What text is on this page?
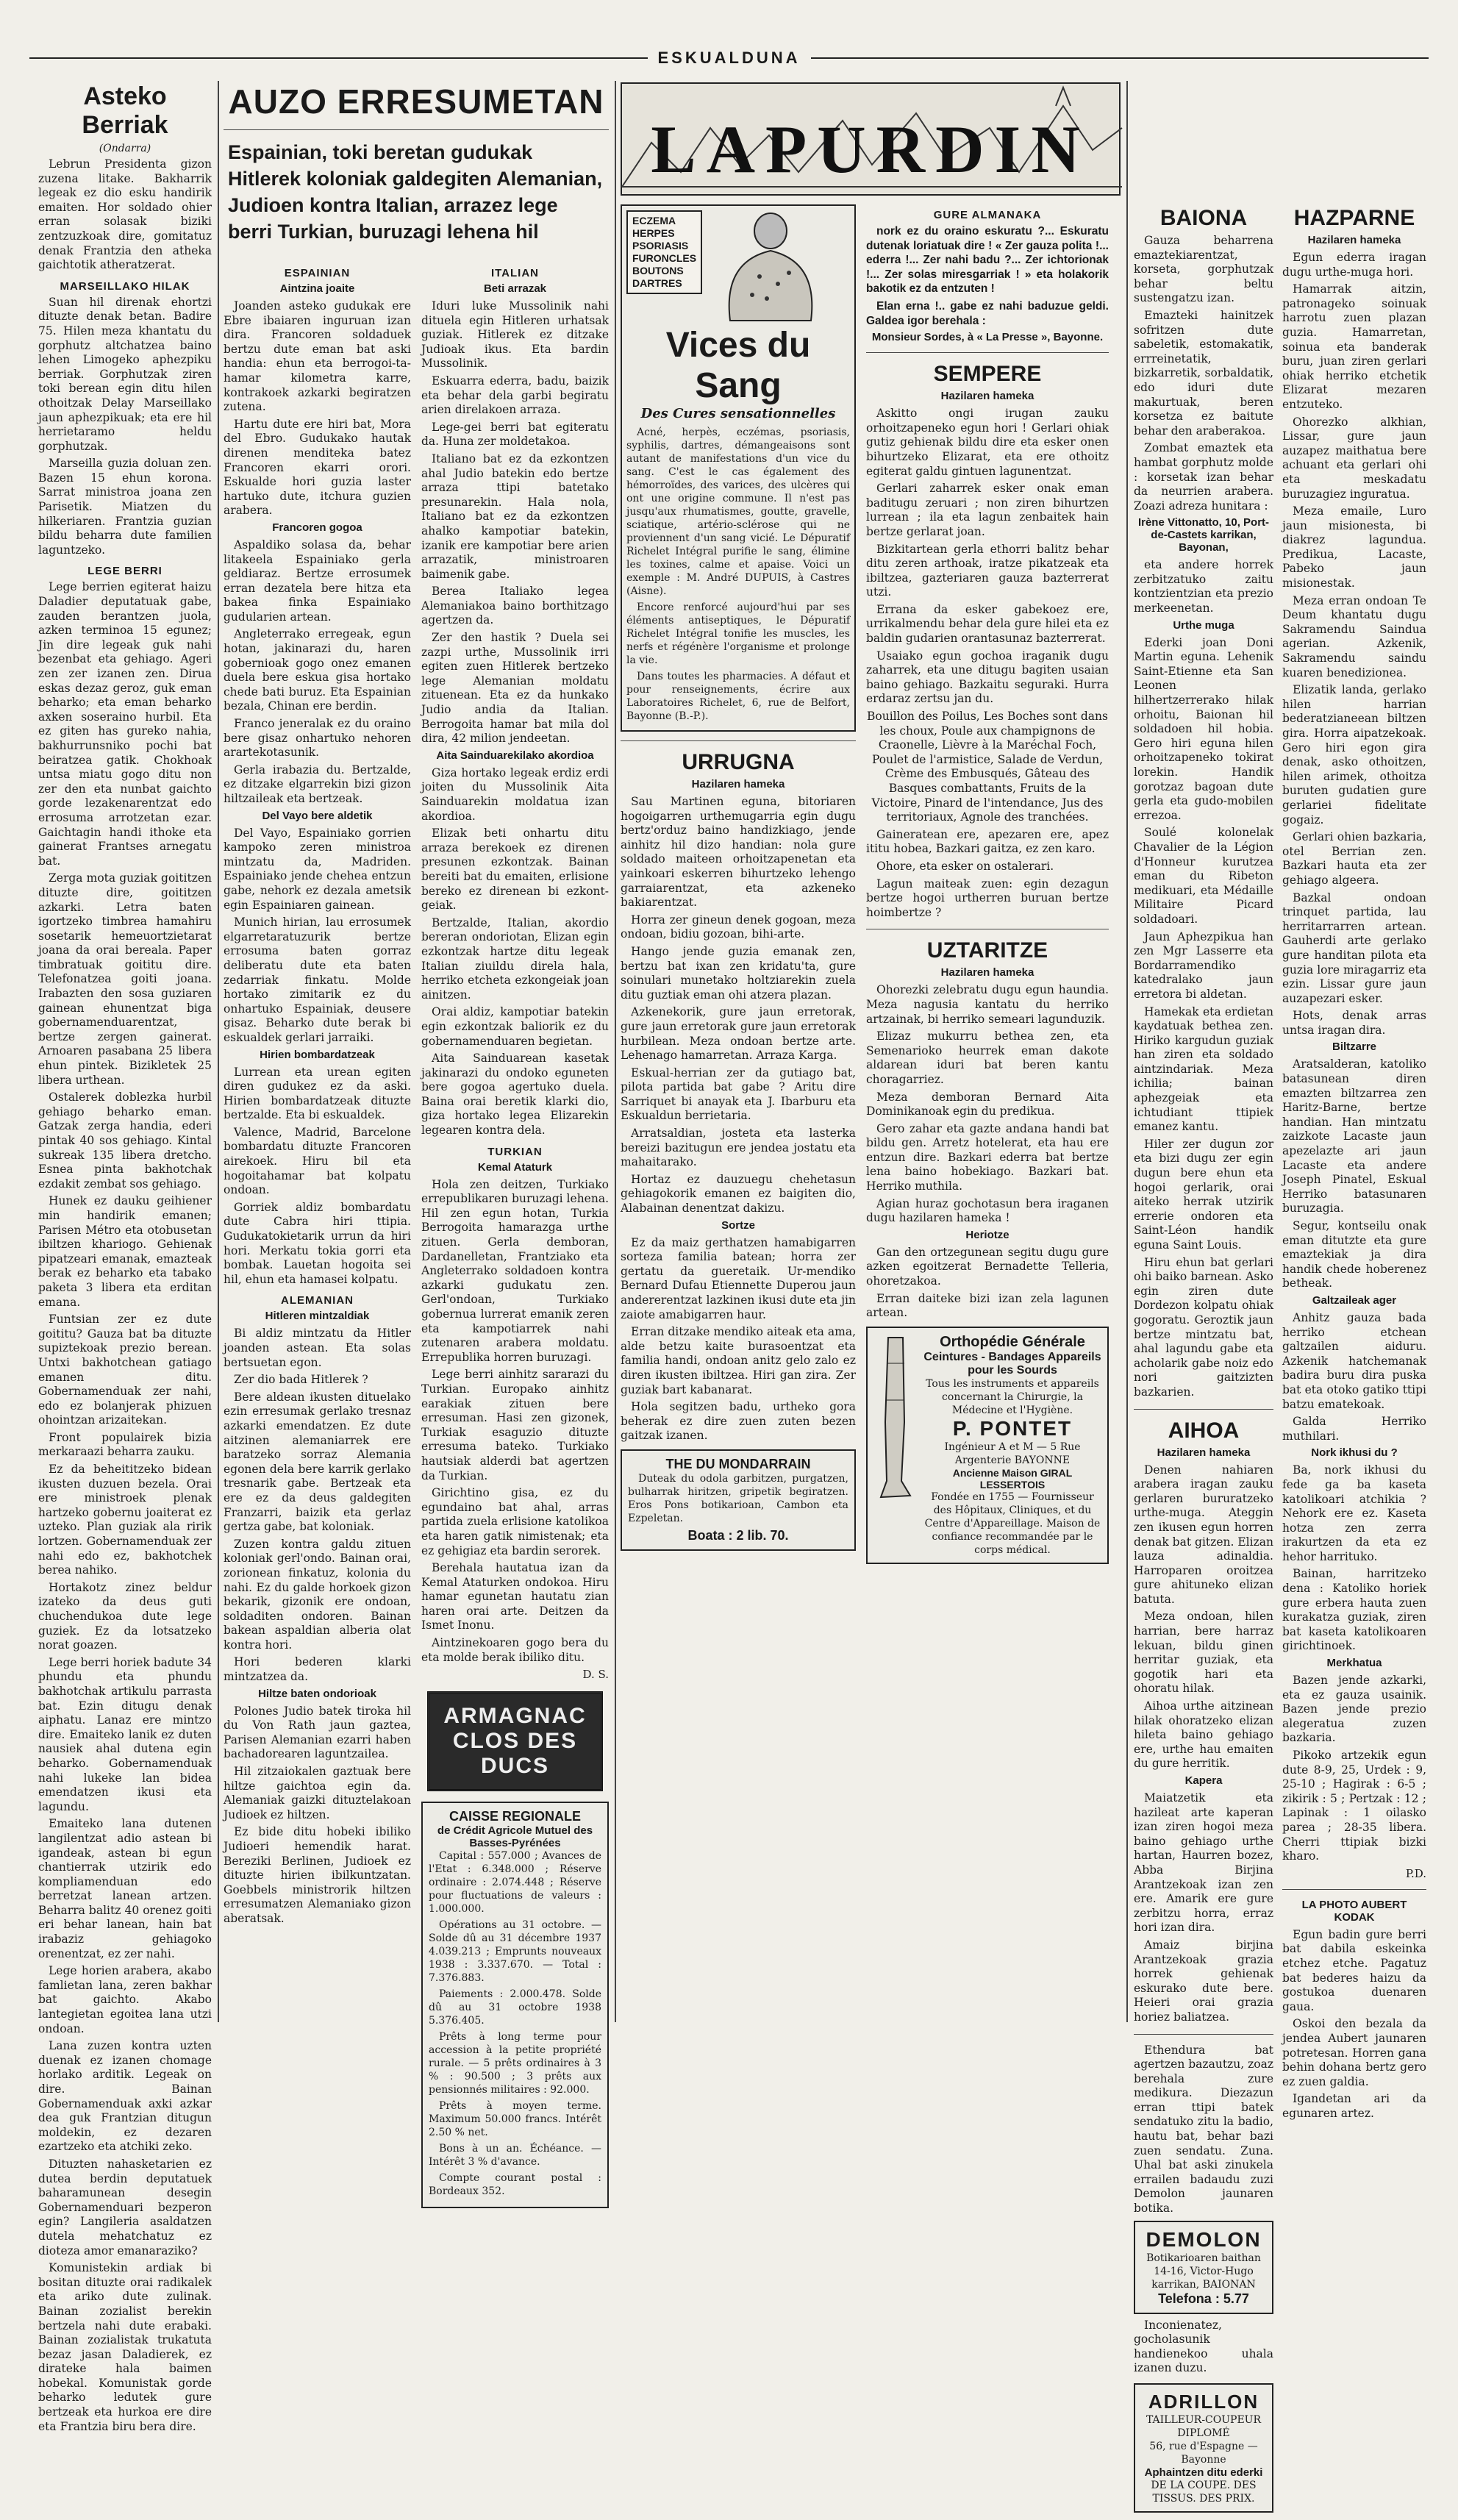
ESKUALDUNA
Asteko Berriak
(Ondarra)

Lebrun Presidenta gizon zuzena litake. Bakharrik legeak ez dio esku handirik emaiten. Hor soldado ohier erran solasak biziki zentzuzkoak dire, gomitatuz denak Frantzia den atheka gaichtotik atheratzerat.

MARSEILLAKO HILAK

Suan hil direnak ehortzi dituzte denak betan. Badire 75. Hilen meza khantatu du gorphutz altchatzea baino lehen Limogeko aphezpiku berriak. Gorphutzak ziren toki berean egin ditu hilen othoitzak Delay Marseillako jaun aphezpikuak; eta ere hil herrietaramo heldu gorphutzak.

Marseilla guzia doluan zen. Bazen 15 ehun korona. Sarrat ministroa joana zen Parisetik. Miatzen du hilkeriaren. Frantzia guzian bildu beharra dute familien laguntzeko.

LEGE BERRI

Lege berrien egiterat haizu Daladier deputatuak gabe, zauden berantzen juola, azken terminoa 15 egunez; Jin dire legeak guk nahi bezenbat eta gehiago. Ageri zen zer izanen zen. Dirua eskas dezaz geroz, guk eman beharko; eta eman beharko axken soseraino hurbil. Eta ez giten has gureko nahia, bakhurrunsniko pochi bat beiratzea gatik. Chokhoak untsa miatu gogo ditu non zer den eta nunbat gaichto gorde lezakenarentzat edo errosuma arrotzetan ezar. Gaichtagin handi ithoke eta gainerat Frantses arnegatu bat.

Zerga mota guziak goititzen dituzte dire, goititzen azkarki. Letra baten igortzeko timbrea hamahiru sosetarik hemeuortzietarat joana da orai bereala. Paper timbratuak goititu dire. Telefonatzea goiti joana. Irabazten den sosa guziaren gainean ehunentzat biga gobernamenduarentzat, bertze zergen gainerat. Arnoaren pasabana 25 libera ehun pintek. Bizikletek 25 libera urthean.

Ostalerek doblezka hurbil gehiago beharko eman. Gatzak zerga handia, ederi pintak 40 sos gehiago. Kintal sukreak 135 libera dretcho. Esnea pinta bakhotchak ezdakit zembat sos gehiago.

Hunek ez dauku geihiener min handirik emanen; Parisen Métro eta otobusetan ibiltzen khariogo. Gehienak pipatzeari emanak, emazteak berak ez beharko eta tabako paketa 3 libera eta erditan emana.

Funtsian zer ez dute goititu? Gauza bat ba dituzte supiztekoak prezio berean. Untxi bakhotchean gatiago emanen ditu. Gobernamenduak zer nahi, edo ez bolanjerak phizuen ohointzan arizaitekan.

Front populairek bizia merkaraazi beharra zauku.

Ez da beheititzeko bidean ikusten duzuen bezela. Orai ere ministroek plenak hartzeko gobernu joaiterat ez uzteko. Plan guziak ala ririk lortzen. Gobernamenduak zer nahi edo ez, bakhotchek berea nahiko.

Hortakotz zinez beldur izateko da deus guti chuchendukoa dute lege guziek. Ez da lotsatzeko norat goazen.

Lege berri horiek badute 34 phundu eta phundu bakhotchak artikulu parrasta bat. Ezin ditugu denak aiphatu. Lanaz ere mintzo dire. Emaiteko lanik ez duten nausiek ahal dutena egin beharko. Gobernamenduak nahi lukeke lan bidea emendatzen ikusi eta lagundu.

Emaiteko lana dutenen langilentzat adio astean bi igandeak, astean bi egun chantierrak utzirik edo kompliamenduan edo berretzat lanean artzen. Beharra balitz 40 orenez goiti eri behar lanean, hain bat irabaziz gehiagoko orenentzat, ez zer nahi.

Lege horien arabera, akabo famlietan lana, zeren bakhar bat gaichto. Akabo lantegietan egoitea lana utzi ondoan.

Lana zuzen kontra uzten duenak ez izanen chomage horlako arditik. Legeak on dire. Bainan Gobernamenduak axki azkar dea guk Frantzian ditugun moldekin, ez dezaren ezartzeko eta atchiki zeko.

Dituzten nahasketarien ez dutea berdin deputatuek baharamunean desegin Gobernamenduari bezperon egin? Langileria asaldatzen dutela mehatchatuz ez dioteza amor emanaraziko?

Komunistekin ardiak bi bositan dituzte orai radikalek eta ariko dute zulinak. Bainan zozialist berekin bertzela nahi dute erabaki. Bainan zozialistak trukatuta bezaz jasan Daladierek, ez dirateke hala baimen hobekal. Komunistak gorde beharko ledutek gure bertzeak eta hurkoa ere dire eta Frantzia biru bera dire.

AUZO ERRESUMETAN
Espainian, toki beretan gudukak Hitlerek koloniak galdegiten Alemanian, Judioen kontra Italian, arrazez lege berri Turkian, buruzagi lehena hil
ESPAINIAN
Aintzina joaite

Joanden asteko gudukak ere Ebre ibaiaren inguruan izan dira. Francoren soldaduek bertzu dute eman bat aski handia: ehun eta berrogoi-ta-hamar kilometra karre, kontrakoek azkarki begiratzen zutena.

Hartu dute ere hiri bat, Mora del Ebro. Gudukako hautak direnen menditeka batez Francoren ekarri orori. Eskualde hori guzia laster hartuko dute, itchura guzien arabera.

Francoren gogoa

Aspaldiko solasa da, behar litakeela Espainiako gerla geldiaraz. Bertze errosumek erran dezatela bere hitza eta bakea finka Espainiako gudularien artean.

Angleterrako erregeak, egun hotan, jakinarazi du, haren gobernioak gogo onez emanen duela bere eskua gisa hortako chede bati buruz. Eta Espainian bezala, Chinan ere berdin.

Franco jeneralak ez du oraino bere gisaz onhartuko nehoren arartekotasunik.

Gerla irabazia du. Bertzalde, ez ditzake elgarrekin bizi gizon hiltzaileak eta bertzeak.

Del Vayo bere aldetik

Del Vayo, Espainiako gorrien kampoko zeren ministroa mintzatu da, Madriden. Espainiako jende chehea entzun gabe, nehork ez dezala ametsik egin Espainiaren gainean.

Munich hirian, lau errosumek elgarretaratuzurik bertze errosuma baten gorraz deliberatu dute eta baten zedarriak finkatu. Molde hortako zimitarik ez du onhartuko Espainiak, deusere gisaz. Beharko dute berak bi eskualdek gerlari jarraiki.

Hirien bombardatzeak

Lurrean eta urean egiten diren gudukez ez da aski. Hirien bombardatzeak dituzte bertzalde. Eta bi eskualdek.

Valence, Madrid, Barcelone bombardatu dituzte Francoren airekoek. Hiru bil eta hogoitahamar bat kolpatu ondoan.

Gorriek aldiz bombardatu dute Cabra hiri ttipia. Gudukatokietarik urrun da hiri hori. Merkatu tokia gorri eta bombak. Lauetan hogoita sei hil, ehun eta hamasei kolpatu.

ALEMANIAN
Hitleren mintzaldiak

Bi aldiz mintzatu da Hitler joanden astean. Eta solas bertsuetan egon.

Zer dio bada Hitlerek ?

Bere aldean ikusten dituelako ezin erresumak gerlako tresnaz azkarki emendatzen. Ez dute aitzinen alemaniarrek ere baratzeko sorraz Alemania egonen dela bere karrik gerlako tresnarik gabe. Bertzeak eta ere ez da deus galdegiten Franzarri, baizik eta gerlaz gertza gabe, bat koloniak.

Zuzen kontra galdu zituen koloniak gerl'ondo. Bainan orai, zorionean finkatuz, kolonia du nahi. Ez du galde horkoek gizon bekarik, gizonik ere ondoan, soldaditen ondoren. Bainan bakean aspaldian alberia olat kontra hori.

Hori bederen klarki mintzatzea da.

Hiltze baten ondorioak

Polones Judio batek tiroka hil du Von Rath jaun gaztea, Parisen Alemanian ezarri haben bachadorearen laguntzailea.

Hil zitzaiokalen gaztuak bere hiltze gaichtoa egin da. Alemaniak gaizki dituztelakoan Judioek ez hiltzen.

Ez bide ditu hobeki ibiliko Judioeri hemendik harat. Bereziki Berlinen, Judioek ez dituzte hirien ibilkuntzatan. Goebbels ministrorik hiltzen erresumatzen Alemaniako gizon aberatsak.

ITALIAN
Beti arrazak

Iduri luke Mussolinik nahi dituela egin Hitleren urhatsak guziak. Hitlerek ez ditzake Judioak ikus. Eta bardin Mussolinik.

Eskuarra ederra, badu, baizik eta behar dela garbi begiratu arien direlakoen arraza.

Lege-gei berri bat egiteratu da. Huna zer moldetakoa.

Italiano bat ez da ezkontzen ahal Judio batekin edo bertze arraza ttipi batetako presunarekin. Hala nola, Italiano bat ez da ezkontzen ahalko kampotiar batekin, izanik ere kampotiar bere arien arrazatik, ministroaren baimenik gabe.

Berea Italiako legea Alemaniakoa baino borthitzago agertzen da.

Zer den hastik ? Duela sei zazpi urthe, Mussolinik irri egiten zuen Hitlerek bertzeko lege Alemanian moldatu zituenean. Eta ez da hunkako Judio andia da Italian. Berrogoita hamar bat mila dol dira, 42 milion jendeetan.

Aita Sainduarekilako akordioa

Giza hortako legeak erdiz erdi joiten du Mussolinik Aita Sainduarekin moldatua izan akordioa.

Elizak beti onhartu ditu arraza berekoek ez direnen presunen ezkontzak. Bainan bereiti bat du emaiten, erlisione bereko ez direnean bi ezkont-geiak.

Bertzalde, Italian, akordio bereran ondoriotan, Elizan egin ezkontzak hartze ditu legeak Italian ziuildu direla hala, herriko etcheta ezkongeiak joan ainitzen.

Orai aldiz, kampotiar batekin egin ezkontzak baliorik ez du gobernamenduaren begietan.

Aita Sainduarean kasetak jakinarazi du ondoko eguneten bere gogoa agertuko duela. Baina orai beretik klarki dio, giza hortako legea Elizarekin legearen kontra dela.

TURKIAN
Kemal Ataturk

Hola zen deitzen, Turkiako errepublikaren buruzagi lehena. Hil zen egun hotan, Turkia Berrogoita hamarazga urthe zituen. Gerla demboran, Dardanelletan, Frantziako eta Angleterrako soldadoen kontra azkarki gudukatu zen. Gerl'ondoan, Turkiako gobernua lurrerat emanik zeren eta kampotiarrek nahi zutenaren arabera moldatu. Errepublika horren buruzagi.

Lege berri ainhitz sararazi du Turkian. Europako ainhitz earakiak zituen bere erresuman. Hasi zen gizonek, Turkiak esaguzio dituzte erresuma bateko. Turkiako hautsiak alderdi bat agertzen da Turkian.

Girichtino gisa, ez du egundaino bat ahal, arras partida zuela erlisione katolikoa eta haren gatik nimistenak; eta ez gehigiaz eta bardin serorek.

Berehala hautatua izan da Kemal Ataturken ondokoa. Hiru hamar egunetan hautatu zian haren orai arte. Deitzen da Ismet Inonu.

Aintzinekoaren gogo bera du eta molde berak ibiliko ditu.

D. S.
ARMAGNAC CLOS DES DUCS
CAISSE REGIONALE
de Crédit Agricole Mutuel des Basses-Pyrénées

Capital : 557.000 ; Avances de l'Etat : 6.348.000 ; Réserve ordinaire : 2.074.448 ; Réserve pour fluctuations de valeurs : 1.000.000.

Opérations au 31 octobre. — Solde dû au 31 décembre 1937 4.039.213 ; Emprunts nouveaux 1938 : 3.337.670. — Total : 7.376.883.

Paiements : 2.000.478. Solde dû au 31 octobre 1938 5.376.405.

Prêts à long terme pour accession à la petite propriété rurale. — 5 prêts ordinaires à 3 % : 90.500 ; 3 prêts aux pensionnés militaires : 92.000.

Prêts à moyen terme. Maximum 50.000 francs. Intérêt 2.50 % net.

Bons à un an. Échéance. — Intérêt 3 % d'avance.

Compte courant postal : Bordeaux 352.

LAPURDIN
ECZEMA
HERPES
PSORIASIS
FURONCLES
BOUTONS
DARTRES
Vices du Sang
Des Cures sensationnelles

Acné, herpès, eczémas, psoriasis, syphilis, dartres, démangeaisons sont autant de manifestations d'un vice du sang. C'est le cas également des hémorroïdes, des varices, des ulcères qui ont une origine commune. Il n'est pas jusqu'aux rhumatismes, goutte, gravelle, sciatique, artério-sclérose qui ne proviennent d'un sang vicié. Le Dépuratif Richelet Intégral purifie le sang, élimine les toxines, calme et apaise. Voici un exemple : M. André DUPUIS, à Castres (Aisne).

Encore renforcé aujourd'hui par ses éléments antiseptiques, le Dépuratif Richelet Intégral tonifie les muscles, les nerfs et régénère l'organisme et prolonge la vie.

Dans toutes les pharmacies. A défaut et pour renseignements, écrire aux Laboratoires Richelet, 6, rue de Belfort, Bayonne (B.-P.).

URRUGNA
Hazilaren hameka

Sau Martinen eguna, bitoriaren hogoigarren urthemugarria egin dugu bertz'orduz baino handizkiago, jende ainhitz hil dizo handian: nola gure soldado maiteen orhoitzapenetan eta yainkoari eskerren bihurtzeko lehengo garraiarentzat, eta azkeneko bakiarentzat.

Horra zer gineun denek gogoan, meza ondoan, bidiu gozoan, bihi-arte.

Hango jende guzia emanak zen, bertzu bat ixan zen kridatu'ta, gure soinulari munetako holtziarekin zuela ditu guztiak eman ohi atzera plazan.

Azkenekorik, gure jaun erretorak, gure jaun erretorak gure jaun erretorak hurbilean. Meza ondoan bertze arte. Lehenago hamarretan. Arraza Karga.

Eskual-herrian zer da gutiago bat, pilota partida bat gabe ? Aritu dire Sarriquet bi anayak eta J. Ibarburu eta Eskualdun berrietaria.

Arratsaldian, josteta eta lasterka bereizi bazitugun ere jendea jostatu eta mahaitarako.

Hortaz ez dauzuegu chehetasun gehiagokorik emanen ez baigiten dio, Alabainan denentzat dakizu.

Sortze

Ez da maiz gerthatzen hamabigarren sorteza familia batean; horra zer gertatu da gueretaik. Ur-mendiko Bernard Dufau Etiennette Duperou jaun andererentzat lazkinen ikusi dute eta jin zaiote amabigarren haur.

Erran ditzake mendiko aiteak eta ama, alde betzu kaite burasoentzat eta familia handi, ondoan anitz gelo zalo ez diren ikusten ibiltzea. Hiri gan zira. Zer guziak bart kabanarat.

Hola segitzen badu, urtheko gora beherak ez dire zuen zuten bezen gaitzak izanen.

THE DU MONDARRAIN

Duteak du odola garbitzen, purgatzen, bulharrak hiritzen, gripetik begiratzen. Eros Pons botikarioan, Cambon eta Ezpeletan.

Boata : 2 lib. 70.
GURE ALMANAKA

nork ez du oraino eskuratu ?... Eskuratu dutenak loriatuak dire ! « Zer gauza polita !... ederra !... Zer nahi badu ?... Zer ichtorionak !... Zer solas miresgarriak ! » eta holakorik bakotik ez da entzuten !

Elan erna !.. gabe ez nahi baduzue geldi. Galdea igor berehala :

Monsieur Sordes, à « La Presse », Bayonne.
SEMPERE
Hazilaren hameka

Askitto ongi irugan zauku orhoitzapeneko egun hori ! Gerlari ohiak gutiz gehienak bildu dire eta esker onen bihurtzeko Elizarat, eta ere othoitz egiterat galdu gintuen lagunentzat.

Gerlari zaharrek esker onak eman baditugu zeruari ; non ziren bihurtzen lurrean ; ila eta lagun zenbaitek hain bertze gerlarat joan.

Bizkitartean gerla ethorri balitz behar ditu zeren arthoak, iratze pikatzeak eta ibiltzea, gazteriaren gauza bazterrerat utzi.

Errana da esker gabekoez ere, urrikalmendu behar dela gure hilei eta ez baldin gudarien orantasunaz bazterrerat.

Usaiako egun gochoa iraganik dugu zaharrek, eta une ditugu bagiten usaian baino gehiago. Bazkaitu seguraki. Hurra erdaraz zertsu jan du.

Bouillon des Poilus, Les Boches sont dans les choux, Poule aux champignons de Craonelle, Lièvre à la Maréchal Foch, Poulet de l'armistice, Salade de Verdun, Crème des Embusqués, Gâteau des Basques combattants, Fruits de la Victoire, Pinard de l'intendance, Jus des territoriaux, Agnole des tranchées.

Gaineratean ere, apezaren ere, apez ititu hobea, Bazkari gaitza, ez zen karo.

Ohore, eta esker on ostalerari.

Lagun maiteak zuen: egin dezagun bertze hogoi urtherren buruan bertze hoimbertze ?

UZTARITZE
Hazilaren hameka

Ohorezki zelebratu dugu egun haundia. Meza nagusia kantatu du herriko artzainak, bi herriko semeari lagunduzik.

Elizaz mukurru bethea zen, eta Semenarioko heurrek eman dakote aldarean iduri bat beren kantu choragarriez.

Meza demboran Bernard Aita Dominikanoak egin du predikua.

Gero zahar eta gazte andana handi bat bildu gen. Arretz hotelerat, eta hau ere entzun dire. Bazkari ederra bat bertze lena baino hobekiago. Bazkari bat. Herriko muthila.

Agian huraz gochotasun bera iraganen dugu hazilaren hameka !

Heriotze

Gan den ortzegunean segitu dugu gure azken egoitzerat Bernadette Telleria, ohoretzakoa.

Erran daiteke bizi izan zela lagunen artean.

Orthopédie Générale
Ceintures - Bandages Appareils pour les Sourds
Tous les instruments et appareils concernant la Chirurgie, la Médecine et l'Hygiène.
P. PONTET
Ingénieur A et M — 5 Rue Argenterie BAYONNE
Ancienne Maison GIRAL LESSERTOIS
Fondée en 1755 — Fournisseur des Hôpitaux, Cliniques, et du Centre d'Appareillage. Maison de confiance recommandée par le corps médical.
BAIONA

Gauza beharrena emaztekiarentzat, korseta, gorphutzak behar beltu sustengatzu izan.

Emazteki hainitzek sofritzen dute sabeletik, estomakatik, errreinetatik, bizkarretik, sorbaldatik, edo iduri dute makurtuak, beren korsetza ez baitute behar den araberakoa.

Zombat emaztek eta hambat gorphutz molde : korsetak izan behar da neurrien arabera. Zoazi adreza hunitara :

Irène Vittonatto, 10, Port-de-Castets karrikan, Bayonan,

eta andere horrek zerbitzatuko zaitu kontzientzian eta prezio merkeenetan.

Urthe muga

Ederki joan Doni Martin eguna. Lehenik Saint-Etienne eta San Leonen hilhertzerrerako hilak orhoitu, Baionan hil soldadoen hil hobia. Gero hiri eguna hilen orhoitzapeneko tokirat lorekin. Handik gorotzaz bagoan dute gerla eta gudo-mobilen errezoa.

Soulé kolonelak Chavalier de la Légion d'Honneur kurutzea eman du Ribeton medikuari, eta Médaille Militaire Picard soldadoari.

Jaun Aphezpikua han zen Mgr Lasserre eta Bordarramendiko katedralako jaun erretora bi aldetan.

Hamekak eta erdietan kaydatuak bethea zen. Hiriko kargudun guziak han ziren eta soldado aintzindariak. Meza ichilia; bainan aphezgeiak eta ichtudiant ttipiek emanez kantu.

Hiler zer dugun zor eta bizi dugu zer egin dugun bere ehun eta hogoi gerlarik, orai aiteko herrak utzirik errerie ondoren eta Saint-Léon handik eguna Saint Louis.

Hiru ehun bat gerlari ohi baiko barnean. Asko egin ziren dute Dordezon kolpatu ohiak gogoratu. Geroztik jaun bertze mintzatu bat, ahal lagundu gabe eta acholarik gabe noiz edo nori gaitzizten bazkarien.

AIHOA
Hazilaren hameka

Denen nahiaren arabera iragan zauku gerlaren bururatzeko urthe-muga. Ateggin zen ikusen egun horren denak bat gitzen. Elizan lauza adinaldia. Harroparen oroitzea gure ahituneko elizan batuta.

Meza ondoan, hilen harrian, bere harraz lekuan, bildu ginen herritar guziak, eta gogotik hari eta ohoratu hilak.

Aihoa urthe aitzinean hilak ohoratzeko elizan hileta baino gehiago ere, urthe hau emaiten du gure herritik.

Kapera

Maiatzetik eta hazileat arte kaperan izan ziren hogoi meza baino gehiago urthe hartan, Haurren bozez, Abba Birjina Arantzekoak izan zen ere. Amarik ere gure zerbitzu horra, erraz hori izan dira.

Amaiz birjina Arantzekoak grazia horrek gehienak eskurako dute bere. Heieri orai grazia horiez baliatzea.

Ethendura bat agertzen bazautzu, zoaz berehala zure medikura. Diezazun erran ttipi batek sendatuko zitu la badio, hautu bat, behar bazi zuen sendatu. Zuna. Uhal bat aski zinukela errailen badaudu zuzi Demolon jaunaren botika.

DEMOLON
Botikarioaren baithan
14-16, Victor-Hugo karrikan, BAIONAN
Telefona : 5.77

Inconienatez, gocholasunik handienekoo uhala izanen duzu.

ADRILLON
TAILLEUR-COUPEUR DIPLOMÉ
56, rue d'Espagne — Bayonne
Aphaintzen ditu ederki
DE LA COUPE. DES TISSUS. DES PRIX.
HAZPARNE
Hazilaren hameka

Egun ederra iragan dugu urthe-muga hori.

Hamarrak aitzin, patronageko soinuak harrotu zuen plazan guzia. Hamarretan, soinua eta banderak buru, juan ziren gerlari ohiak herriko etchetik Elizarat mezaren entzuteko.

Ohorezko alkhian, Lissar, gure jaun auzapez maithatua bere achuant eta gerlari ohi eta meskadatu buruzagiez inguratua.

Meza emaile, Luro jaun misionesta, bi diakrez lagundua. Predikua, Lacaste, Pabeko jaun misionestak.

Meza erran ondoan Te Deum khantatu dugu Sakramendu Saindua agerian. Azkenik, Sakramendu saindu kuaren benedizionea.

Elizatik landa, gerlako hilen harrian bederatzianeean biltzen gira. Horra aipatzekoak. Gero hiri egon gira denak, asko othoitzen, hilen arimek, othoitza buruten gudatien gure gerlariei fidelitate gogaiz.

Gerlari ohien bazkaria, otel Berrian zen. Bazkari hauta eta zer gehiago algeera.

Bazkal ondoan trinquet partida, lau herritarrarren artean. Gauherdi arte gerlako gure handitan pilota eta guzia lore miragarriz eta ezin. Lissar gure jaun auzapezari esker.

Hots, denak arras untsa iragan dira.

Biltzarre

Aratsalderan, katoliko batasunean diren emazten biltzarrea zen Haritz-Barne, bertze handian. Han mintzatu zaizkote Lacaste jaun apezelazte ari jaun Lacaste eta andere Joseph Pinatel, Eskual Herriko batasunaren buruzagia.

Segur, kontseilu onak eman ditutzte eta gure emaztekiak ja dira handik chede hoberenez betheak.

Galtzaileak ager

Anhitz gauza bada herriko etchean galtzailen aiduru. Azkenik hatchemanak badira buru dira puska bat eta otoko gatiko ttipi batzu ematekoak.

Galda Herriko muthilari.

Nork ikhusi du ?

Ba, nork ikhusi du fede ga ba kaseta katolikoari atchikia ? Nehork ere ez. Kaseta hotza zen zerra irakurtzen da eta ez hehor harrituko.

Bainan, harritzeko dena : Katoliko horiek gure erbera hauta zuen kurakatza guziak, ziren bat kaseta katolikoaren girichtinoek.

Merkhatua

Bazen jende azkarki, eta ez gauza usainik. Bazen jende prezio alegeratua zuzen bazkaria.

Pikoko artzekik egun dute 8-9, 25, Urdek : 9, 25-10 ; Hagirak : 6-5 ; zikirik : 5 ; Pertzak : 12 ; Lapinak : 1 oilasko parea ; 28-35 libera. Cherri ttipiak bizki kharo.

P.D.
LA PHOTO AUBERT KODAK

Egun badin gure berri bat dabila eskeinka etchez etche. Pagatuz bat bederes haizu da gostukoa duenaren gaua.

Oskoi den bezala da jendea Aubert jaunaren potretesan. Horren gana behin dohana bertz gero ez zuen galdia.

Igandetan ari da egunaren artez.
